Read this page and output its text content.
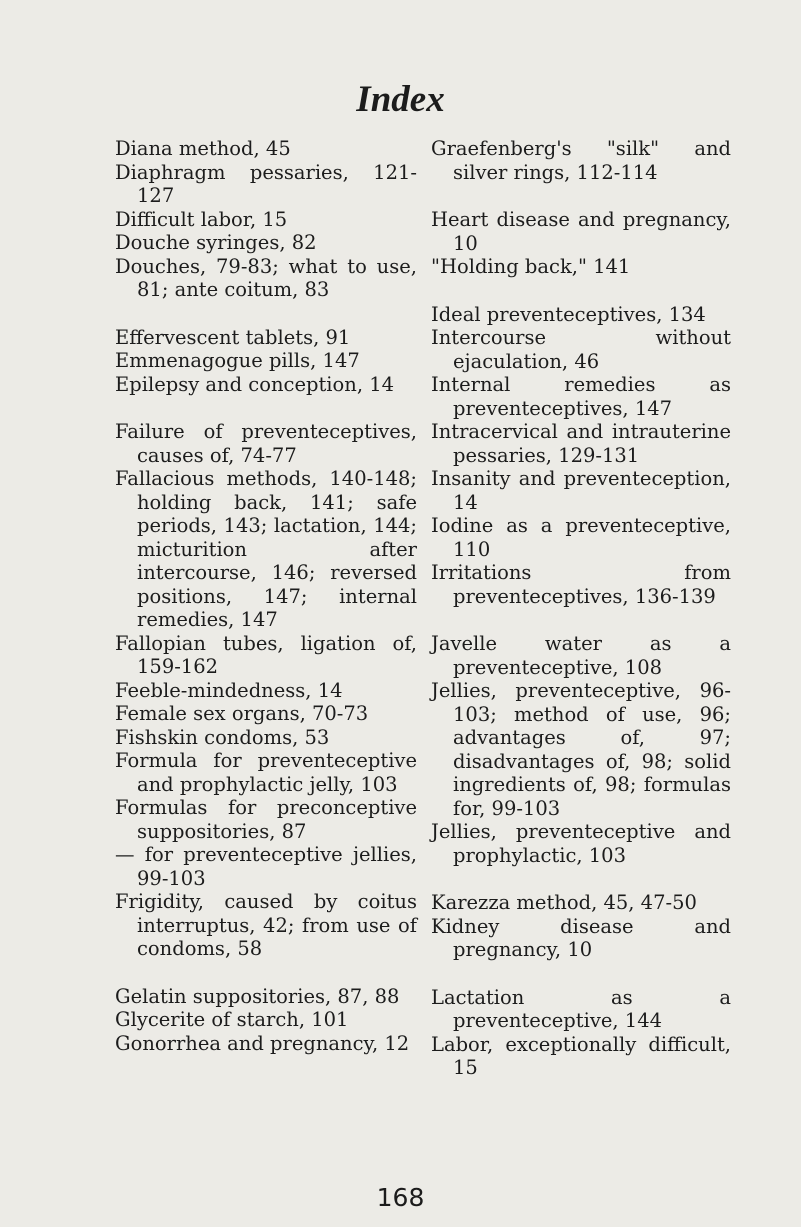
Index
Diana method, 45
Diaphragm pessaries, 121-127
Difficult labor, 15
Douche syringes, 82
Douches, 79-83; what to use, 81; ante coitum, 83
Effervescent tablets, 91
Emmenagogue pills, 147
Epilepsy and conception, 14
Failure of preventeceptives, causes of, 74-77
Fallacious methods, 140-148; holding back, 141; safe periods, 143; lactation, 144; micturition after intercourse, 146; reversed positions, 147; internal remedies, 147
Fallopian tubes, ligation of, 159-162
Feeble-mindedness, 14
Female sex organs, 70-73
Fishskin condoms, 53
Formula for preventeceptive and prophylactic jelly, 103
Formulas for preconceptive suppositories, 87
— for preventeceptive jellies, 99-103
Frigidity, caused by coitus interruptus, 42; from use of condoms, 58
Gelatin suppositories, 87, 88
Glycerite of starch, 101
Gonorrhea and pregnancy, 12
Graefenberg's "silk" and silver rings, 112-114
Heart disease and pregnancy, 10
"Holding back," 141
Ideal preventeceptives, 134
Intercourse without ejaculation, 46
Internal remedies as preventeceptives, 147
Intracervical and intrauterine pessaries, 129-131
Insanity and preventeception, 14
Iodine as a preventeceptive, 110
Irritations from preventeceptives, 136-139
Javelle water as a preventeceptive, 108
Jellies, preventeceptive, 96-103; method of use, 96; advantages of, 97; disadvantages of, 98; solid ingredients of, 98; formulas for, 99-103
Jellies, preventeceptive and prophylactic, 103
Karezza method, 45, 47-50
Kidney disease and pregnancy, 10
Lactation as a preventeceptive, 144
Labor, exceptionally difficult, 15
168
